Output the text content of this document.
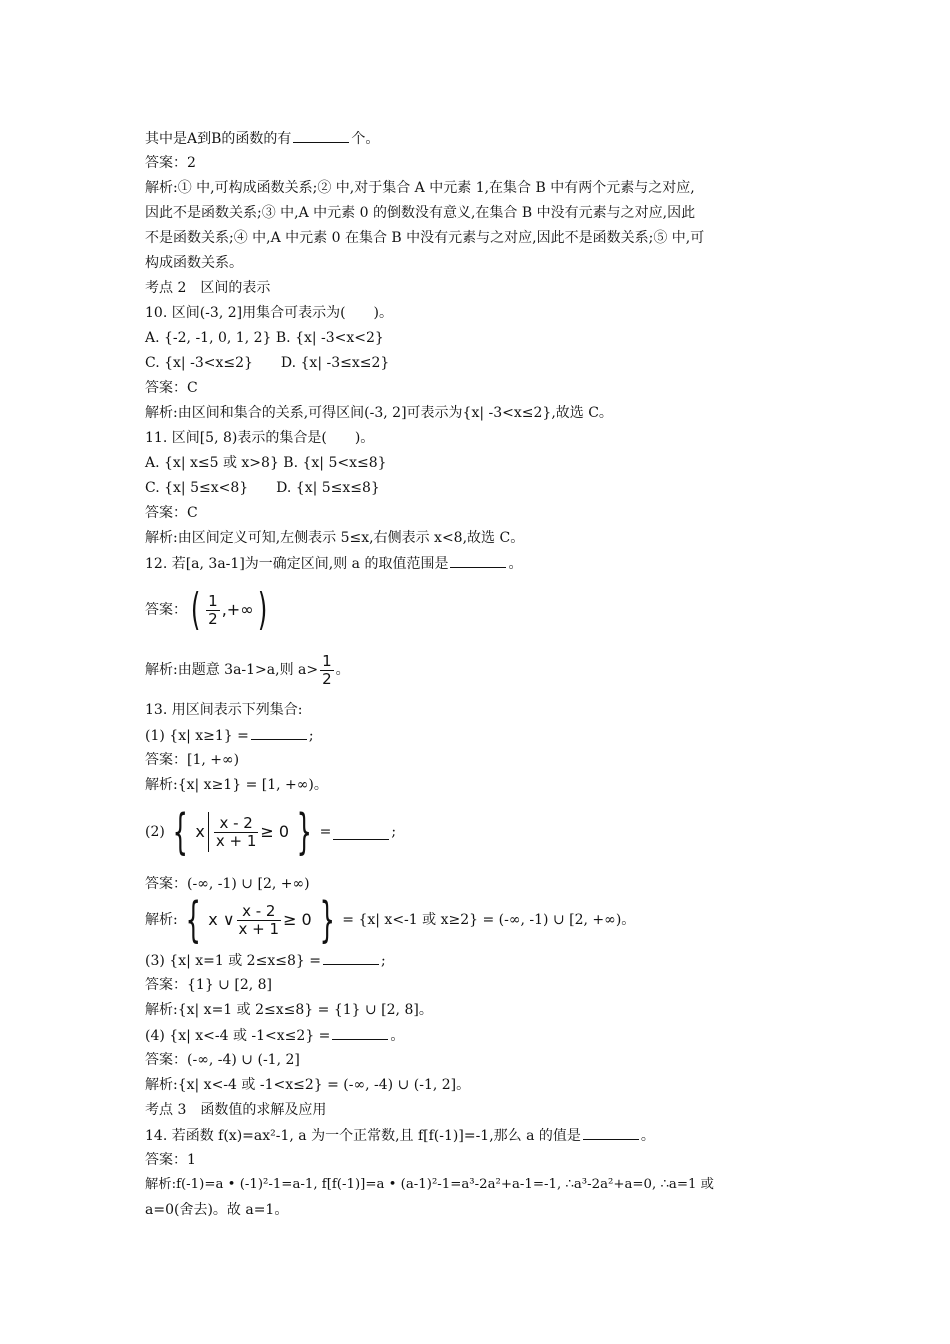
其中是A到B的函数的有	个。
答案：2
解析:① 中,可构成函数关系;② 中,对于集合 A 中元素 1,在集合 B 中有两个元素与之对应,
因此不是函数关系;③ 中,A 中元素 0 的倒数没有意义,在集合 B 中没有元素与之对应,因此
不是函数关系;④ 中,A 中元素 0 在集合 B 中没有元素与之对应,因此不是函数关系;⑤ 中,可
构成函数关系。
考点 2　区间的表示
10. 区间(-3, 2]用集合可表示为(　　)。
A. {-2, -1, 0, 1, 2} B. {x| -3<x<2}
C. {x| -3<x≤2}　　D. {x| -3≤x≤2}
答案：C
解析:由区间和集合的关系,可得区间(-3, 2]可表示为{x| -3<x≤2},故选 C。
11. 区间[5, 8)表示的集合是(　　)。
A. {x| x≤5 或 x>8} B. {x| 5<x≤8}
C. {x| 5≤x<8}　　D. {x| 5≤x≤8}
答案：C
解析:由区间定义可知,左侧表示 5≤x,右侧表示 x<8,故选 C。
12. 若[a, 3a-1]为一确定区间,则 a 的取值范围是	。
答案：( $\frac{1}{2}$ ,+∞)
解析:由题意 3a-1>a,则 $a> \frac{1}{2}$ 。
13. 用区间表示下列集合:
(1) {x| x≥1} =	;
答案：[1, +∞)
解析:{x| x≥1} = [1, +∞)。
(2) { x $\frac{x - 2}{x + 1} \ge 0$ } =	;
答案：(-∞, -1) ∪ [2, +∞)
解析: { x ∨ $\frac{x - 2}{x + 1} \ge 0$ } = {x| x<-1 或 x≥2} = (-∞, -1) ∪ [2, +∞)。
(3) {x| x=1 或 2≤x≤8} =	;
答案：{1} ∪ [2, 8]
解析:{x| x=1 或 2≤x≤8} = {1} ∪ [2, 8]。
(4) {x| x<-4 或 -1<x≤2} =	。
答案：(-∞, -4) ∪ (-1, 2]
解析:{x| x<-4 或 -1<x≤2} = (-∞, -4) ∪ (-1, 2]。
考点 3　函数值的求解及应用
14. 若函数 f(x)=ax²-1, a 为一个正常数,且 f[f(-1)]=-1,那么 a 的值是	。
答案：1
解析:f(-1)=a • (-1)²-1=a-1, f[f(-1)]=a • (a-1)²-1=a³-2a²+a-1=-1, ∴a³-2a²+a=0, ∴a=1 或
a=0(舍去)。故 a=1。
